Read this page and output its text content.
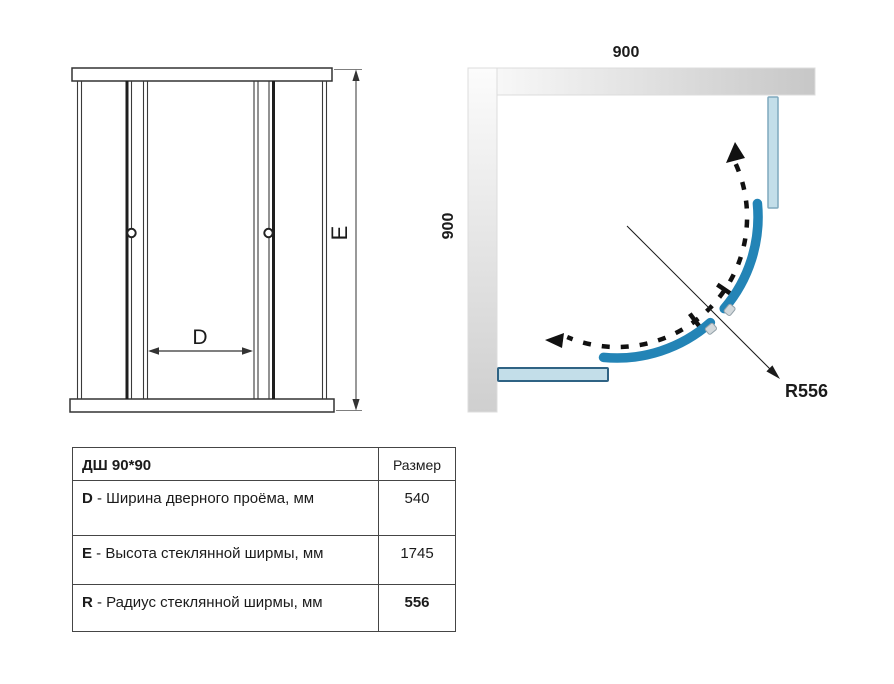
D
E
900
900
R556
ДШ 90*90	Размер
D - Ширина дверного проёма, мм	540
E - Высота стеклянной ширмы, мм	1745
R - Радиус стеклянной ширмы, мм	556
